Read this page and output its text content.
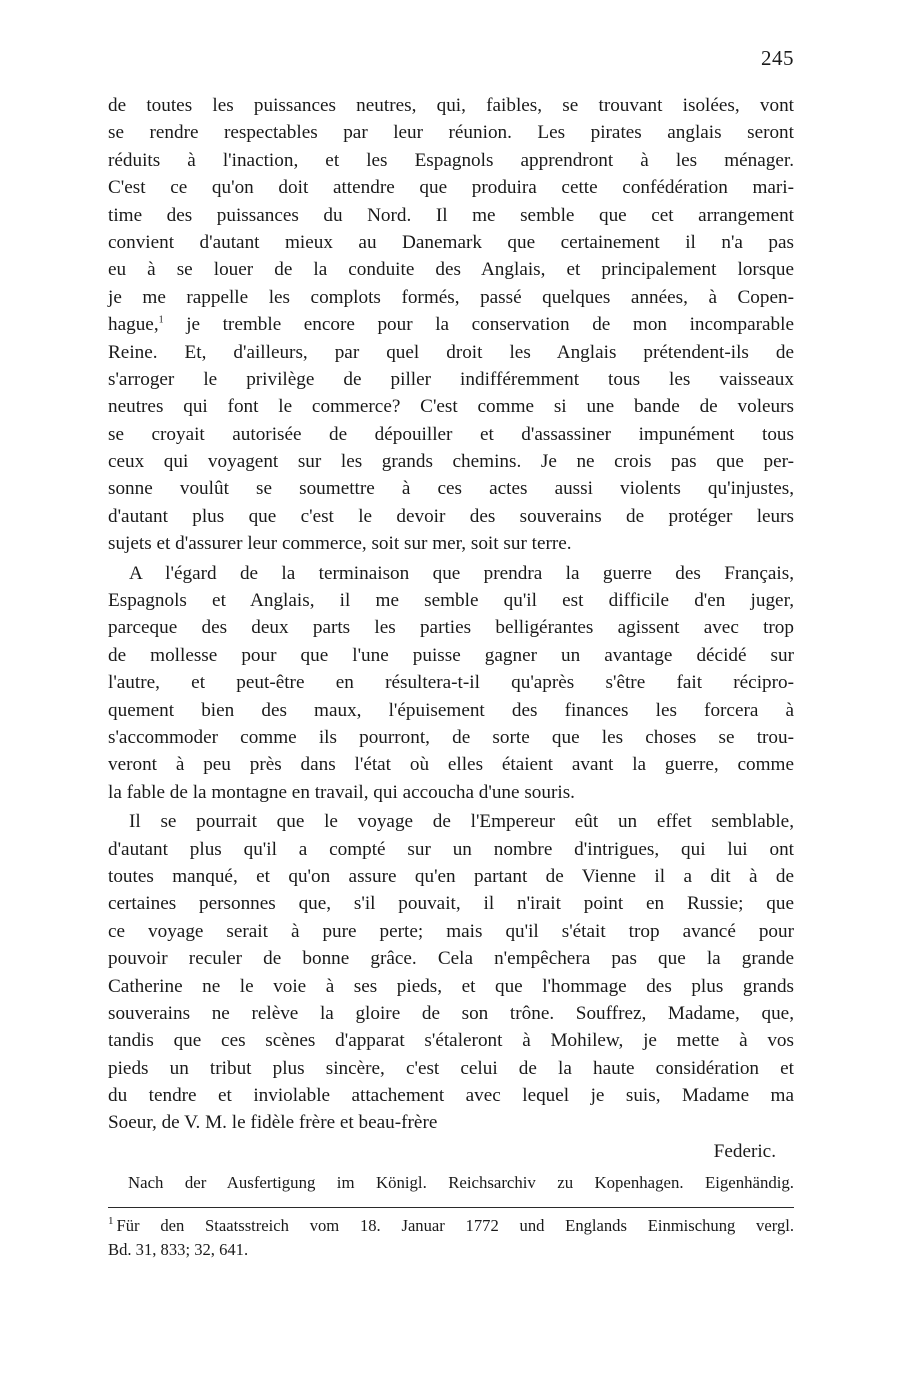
245
de toutes les puissances neutres, qui, faibles, se trouvant isolées, vont
se rendre respectables par leur réunion. Les pirates anglais seront
réduits à l'inaction, et les Espagnols apprendront à les ménager.
C'est ce qu'on doit attendre que produira cette confédération mari-
time des puissances du Nord. Il me semble que cet arrangement
convient d'autant mieux au Danemark que certainement il n'a pas
eu à se louer de la conduite des Anglais, et principalement lorsque
je me rappelle les complots formés, passé quelques années, à Copen-
hague,$^1$ je tremble encore pour la conservation de mon incomparable
Reine. Et, d'ailleurs, par quel droit les Anglais prétendent-ils de
s'arroger le privilège de piller indifféremment tous les vaisseaux
neutres qui font le commerce? C'est comme si une bande de voleurs
se croyait autorisée de dépouiller et d'assassiner impunément tous
ceux qui voyagent sur les grands chemins. Je ne crois pas que per-
sonne voulût se soumettre à ces actes aussi violents qu'injustes,
d'autant plus que c'est le devoir des souverains de protéger leurs
sujets et d'assurer leur commerce, soit sur mer, soit sur terre.
A l'égard de la terminaison que prendra la guerre des Français,
Espagnols et Anglais, il me semble qu'il est difficile d'en juger,
parceque des deux parts les parties belligérantes agissent avec trop
de mollesse pour que l'une puisse gagner un avantage décidé sur
l'autre, et peut-être en résultera-t-il qu'après s'être fait récipro-
quement bien des maux, l'épuisement des finances les forcera à
s'accommoder comme ils pourront, de sorte que les choses se trou-
veront à peu près dans l'état où elles étaient avant la guerre, comme
la fable de la montagne en travail, qui accoucha d'une souris.
Il se pourrait que le voyage de l'Empereur eût un effet semblable,
d'autant plus qu'il a compté sur un nombre d'intrigues, qui lui ont
toutes manqué, et qu'on assure qu'en partant de Vienne il a dit à de
certaines personnes que, s'il pouvait, il n'irait point en Russie; que
ce voyage serait à pure perte; mais qu'il s'était trop avancé pour
pouvoir reculer de bonne grâce. Cela n'empêchera pas que la grande
Catherine ne le voie à ses pieds, et que l'hommage des plus grands
souverains ne relève la gloire de son trône. Souffrez, Madame, que,
tandis que ces scènes d'apparat s'étaleront à Mohilew, je mette à vos
pieds un tribut plus sincère, c'est celui de la haute considération et
du tendre et inviolable attachement avec lequel je suis, Madame ma
Soeur, de V. M. le fidèle frère et beau-frère
Federic.
Nach der Ausfertigung im Königl. Reichsarchiv zu Kopenhagen. Eigenhändig.
$^1$ Für den Staatsstreich vom 18. Januar 1772 und Englands Einmischung vergl.
Bd. 31, 833; 32, 641.
